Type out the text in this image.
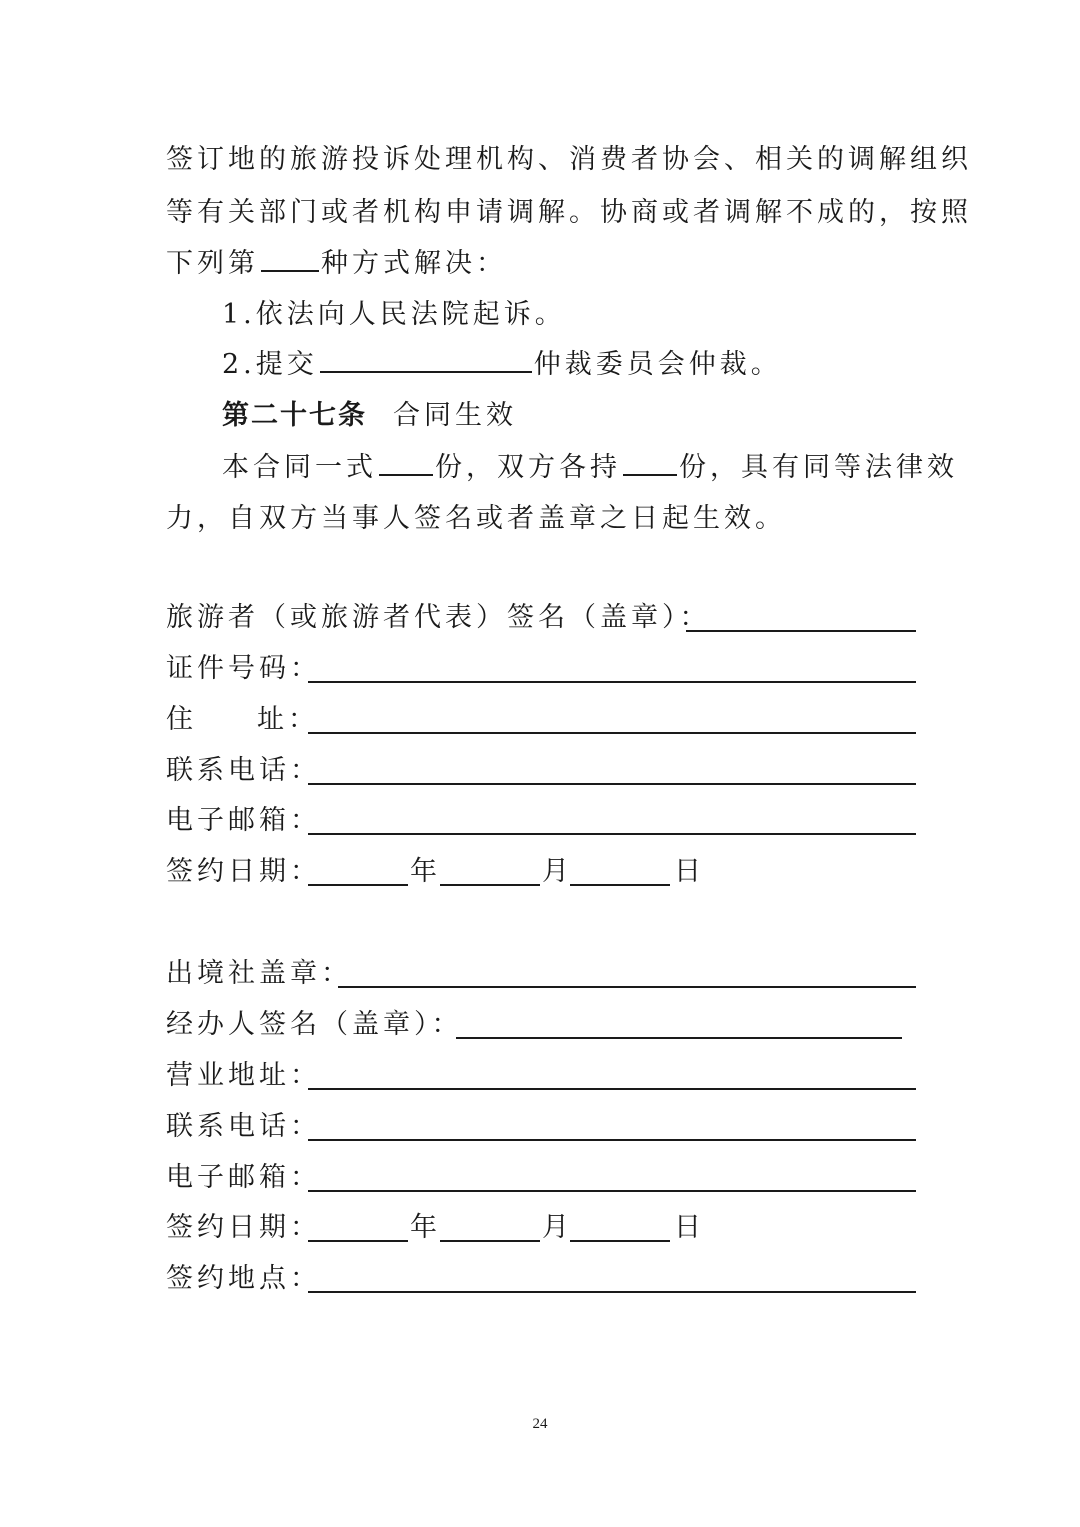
签订地的旅游投诉处理机构、消费者协会、相关的调解组织
等有关部门或者机构申请调解。协商或者调解不成的，按照
下列第 种方式解决：
1.依法向人民法院起诉。
2.提交	仲裁委员会仲裁。
第二十七条 合同生效
本合同一式 份，双方各持 份，具有同等法律效
力，自双方当事人签名或者盖章之日起生效。
旅游者（或旅游者代表）签名（盖章）：
证件号码：
住 址：
联系电话：
电子邮箱：
签约日期：	年	月	日
出境社盖章：
经办人签名（盖章）：
营业地址：
联系电话：
电子邮箱：
签约日期：	年	月	日
签约地点：
24
